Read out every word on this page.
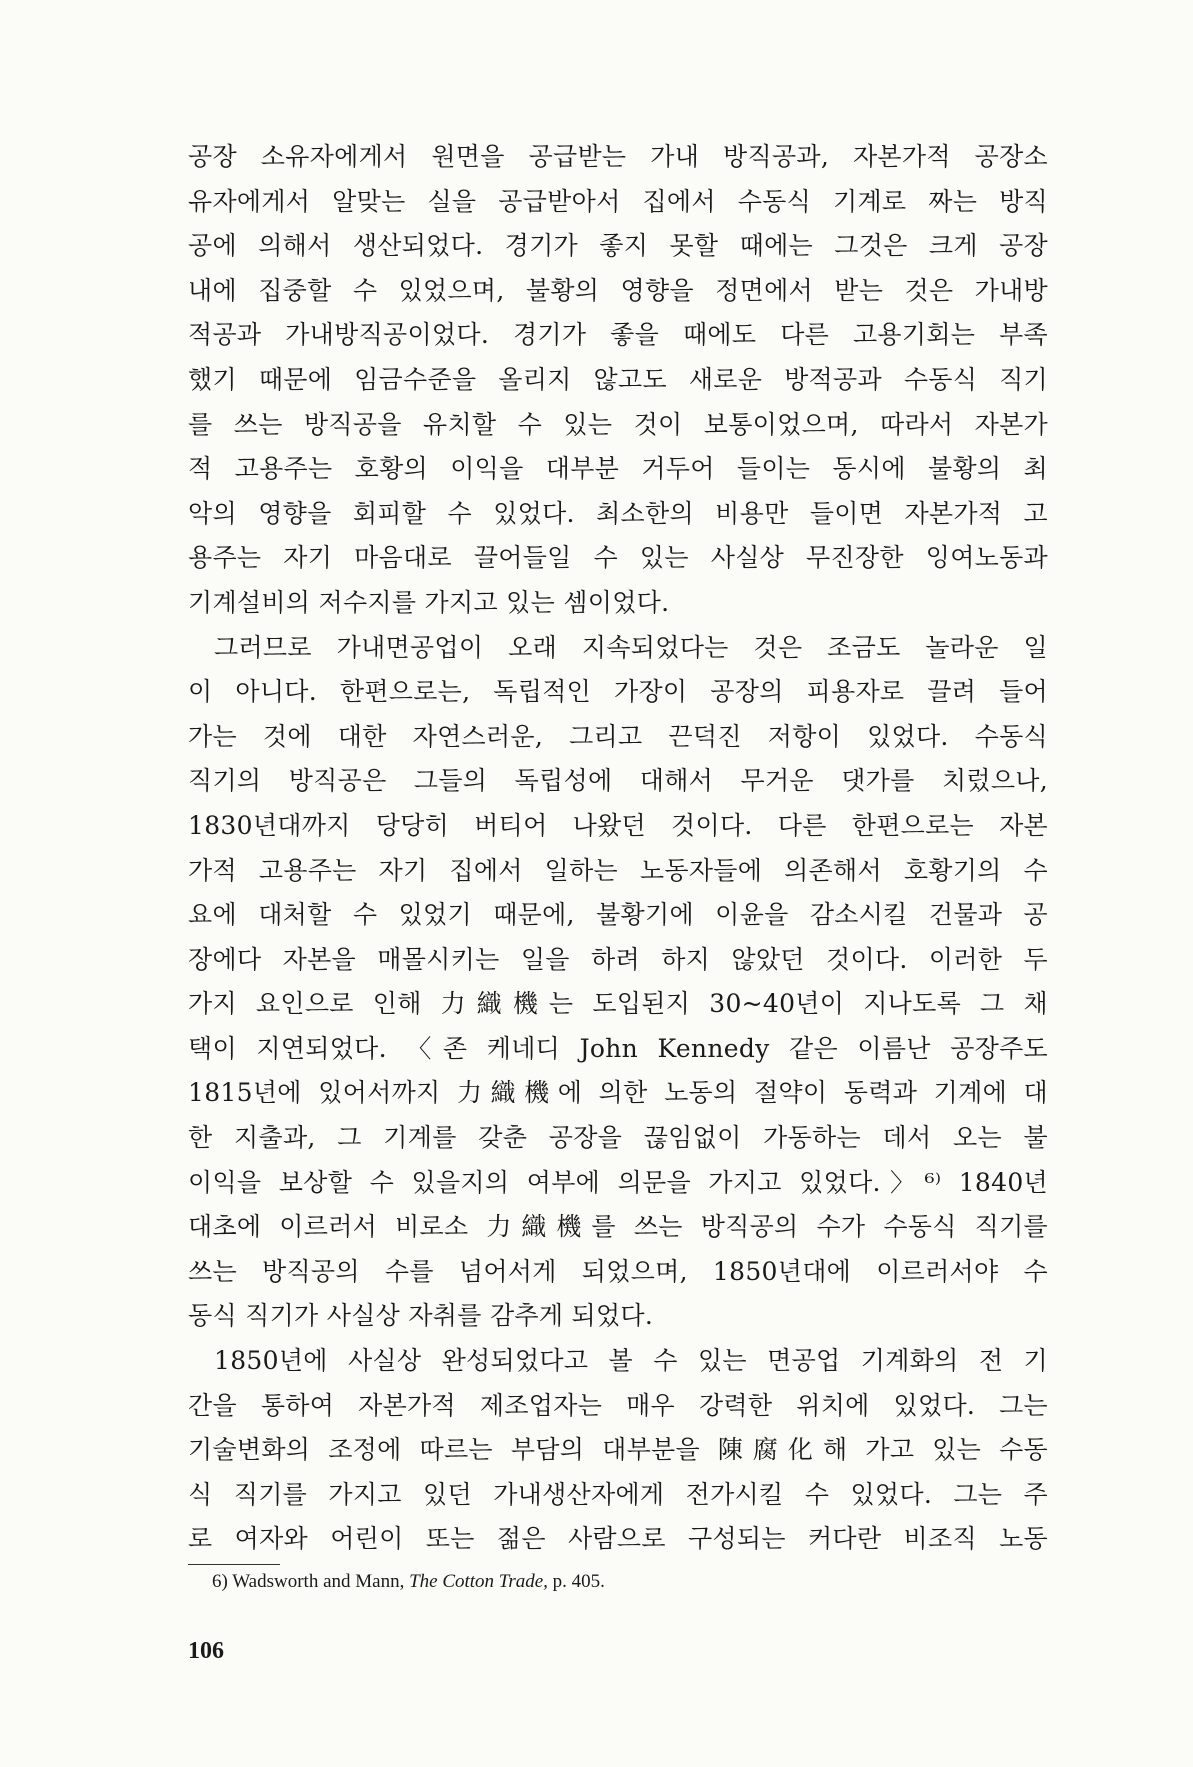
공장 소유자에게서 원면을 공급받는 가내 방직공과, 자본가적 공장소
유자에게서 알맞는 실을 공급받아서 집에서 수동식 기계로 짜는 방직
공에 의해서 생산되었다. 경기가 좋지 못할 때에는 그것은 크게 공장
내에 집중할 수 있었으며, 불황의 영향을 정면에서 받는 것은 가내방
적공과 가내방직공이었다. 경기가 좋을 때에도 다른 고용기회는 부족
했기 때문에 임금수준을 올리지 않고도 새로운 방적공과 수동식 직기
를 쓰는 방직공을 유치할 수 있는 것이 보통이었으며, 따라서 자본가
적 고용주는 호황의 이익을 대부분 거두어 들이는 동시에 불황의 최
악의 영향을 회피할 수 있었다. 최소한의 비용만 들이면 자본가적 고
용주는 자기 마음대로 끌어들일 수 있는 사실상 무진장한 잉여노동과
기계설비의 저수지를 가지고 있는 셈이었다.
그러므로 가내면공업이 오래 지속되었다는 것은 조금도 놀라운 일
이 아니다. 한편으로는, 독립적인 가장이 공장의 피용자로 끌려 들어
가는 것에 대한 자연스러운, 그리고 끈덕진 저항이 있었다. 수동식
직기의 방직공은 그들의 독립성에 대해서 무거운 댓가를 치렀으나,
1830년대까지 당당히 버티어 나왔던 것이다. 다른 한편으로는 자본
가적 고용주는 자기 집에서 일하는 노동자들에 의존해서 호황기의 수
요에 대처할 수 있었기 때문에, 불황기에 이윤을 감소시킬 건물과 공
장에다 자본을 매몰시키는 일을 하려 하지 않았던 것이다. 이러한 두
가지 요인으로 인해 力織機는 도입된지 30~40년이 지나도록 그 채
택이 지연되었다. 〈존 케네디 John Kennedy 같은 이름난 공장주도
1815년에 있어서까지 力織機에 의한 노동의 절약이 동력과 기계에 대
한 지출과, 그 기계를 갖춘 공장을 끊임없이 가동하는 데서 오는 불
이익을 보상할 수 있을지의 여부에 의문을 가지고 있었다.〉⁶⁾ 1840년
대초에 이르러서 비로소 力織機를 쓰는 방직공의 수가 수동식 직기를
쓰는 방직공의 수를 넘어서게 되었으며, 1850년대에 이르러서야 수
동식 직기가 사실상 자취를 감추게 되었다.
1850년에 사실상 완성되었다고 볼 수 있는 면공업 기계화의 전 기
간을 통하여 자본가적 제조업자는 매우 강력한 위치에 있었다. 그는
기술변화의 조정에 따르는 부담의 대부분을 陳腐化해 가고 있는 수동
식 직기를 가지고 있던 가내생산자에게 전가시킬 수 있었다. 그는 주
로 여자와 어린이 또는 젊은 사람으로 구성되는 커다란 비조직 노동
6) Wadsworth and Mann, The Cotton Trade, p. 405.
106
